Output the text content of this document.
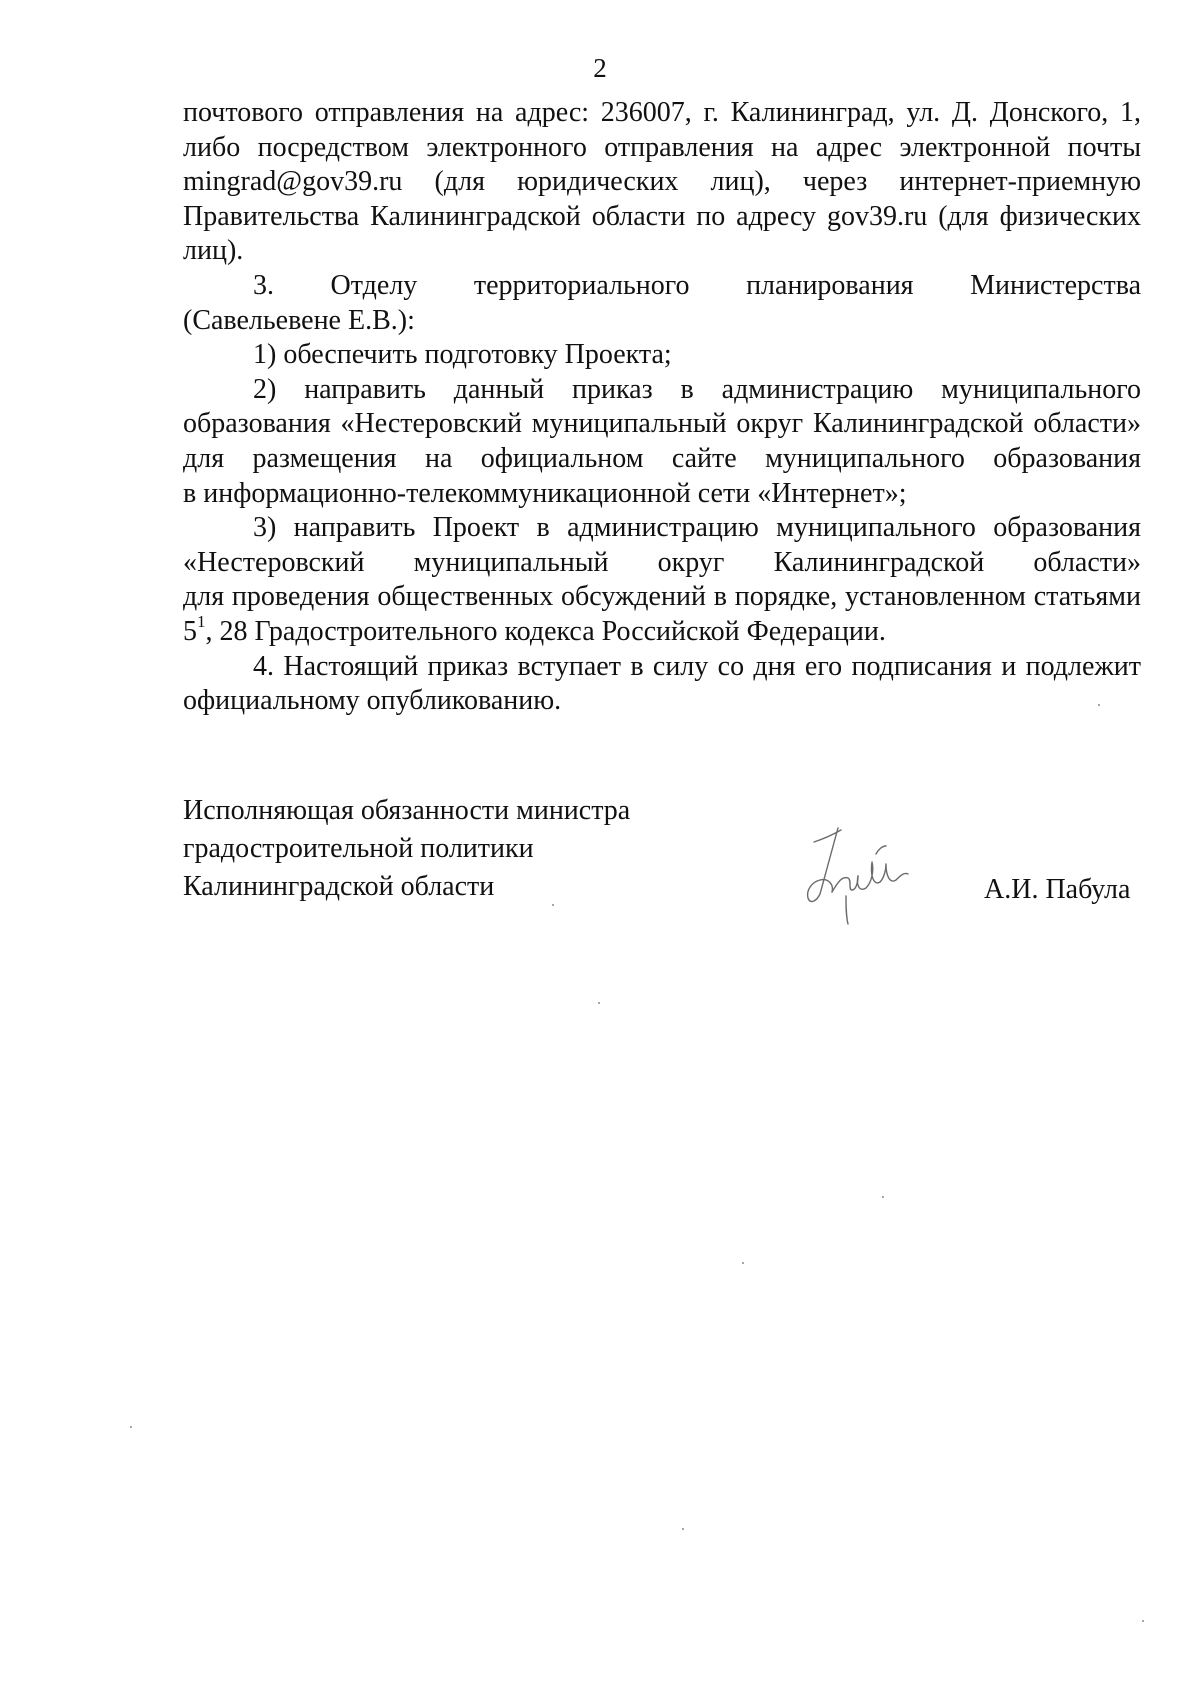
2

почтового отправления на адрес: 236007, г. Калининград, ул. Д. Донского, 1,
либо посредством электронного отправления на адрес электронной почты
mingrad@gov39.ru (для юридических лиц), через интернет-приемную
Правительства Калининградской области по адресу gov39.ru (для физических
лиц).

3. Отделу территориального планирования Министерства
(Савельевене Е.В.):

1) обеспечить подготовку Проекта;

2) направить данный приказ в администрацию муниципального
образования «Нестеровский муниципальный округ Калининградской области»
для размещения на официальном сайте муниципального образования
в информационно-телекоммуникационной сети «Интернет»;

3) направить Проект в администрацию муниципального образования
«Нестеровский муниципальный округ Калининградской области»
для проведения общественных обсуждений в порядке, установленном статьями
$5^1$, 28 Градостроительного кодекса Российской Федерации.

4. Настоящий приказ вступает в силу со дня его подписания и подлежит
официальному опубликованию.

Исполняющая обязанности министра
градостроительной политики
Калининградской области	А.И. Пабула
